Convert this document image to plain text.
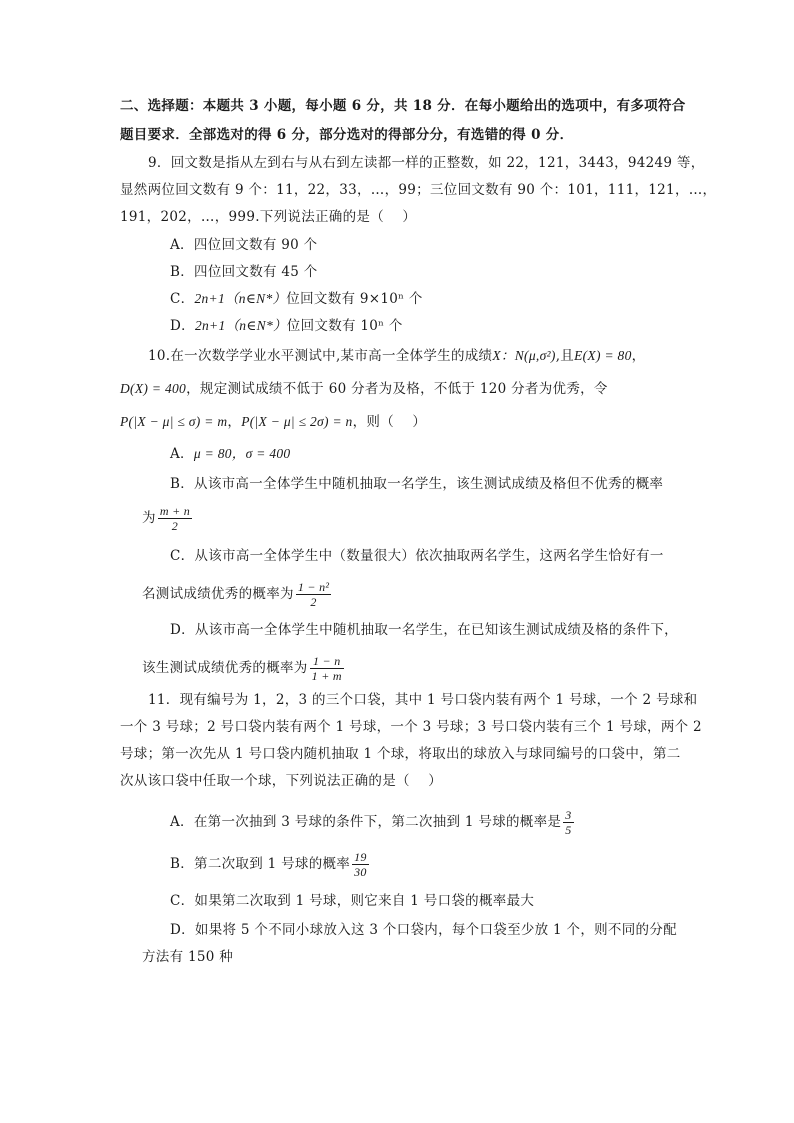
二、选择题：本题共 3 小题，每小题 6 分，共 18 分．在每小题给出的选项中，有多项符合
题目要求．全部选对的得 6 分，部分选对的得部分分，有选错的得 0 分．
9．回文数是指从左到右与从右到左读都一样的正整数，如 22，121，3443，94249 等，
显然两位回文数有 9 个：11，22，33，…，99；三位回文数有 90 个：101，111，121，…，
191，202，…，999.下列说法正确的是（　 ）
A．四位回文数有 90 个
B．四位回文数有 45 个
C．2n+1（n∈N*）位回文数有 9×10ⁿ 个
D．2n+1（n∈N*）位回文数有 10ⁿ 个
10.在一次数学学业水平测试中,某市高一全体学生的成绩X：N(μ,σ²),且E(X) = 80，
D(X) = 400，规定测试成绩不低于 60 分者为及格，不低于 120 分者为优秀，令
P(|X − μ| ≤ σ) = m，P(|X − μ| ≤ 2σ) = n，则（　 ）
A．μ = 80，σ = 400
B．从该市高一全体学生中随机抽取一名学生，该生测试成绩及格但不优秀的概率
为 $\frac{m + n}{2}$
C．从该市高一全体学生中（数量很大）依次抽取两名学生，这两名学生恰好有一
名测试成绩优秀的概率为 $\frac{\text{1 − n²}}{2}$
D．从该市高一全体学生中随机抽取一名学生，在已知该生测试成绩及格的条件下，
该生测试成绩优秀的概率为 $\frac{1 - n}{1 + m}$
11．现有编号为 1，2，3 的三个口袋，其中 1 号口袋内装有两个 1 号球，一个 2 号球和
一个 3 号球；2 号口袋内装有两个 1 号球，一个 3 号球；3 号口袋内装有三个 1 号球，两个 2
号球；第一次先从 1 号口袋内随机抽取 1 个球，将取出的球放入与球同编号的口袋中，第二
次从该口袋中任取一个球，下列说法正确的是（　 ）
A．在第一次抽到 3 号球的条件下，第二次抽到 1 号球的概率是 $\frac{3}{5}$
B．第二次取到 1 号球的概率 $\frac{19}{30}$
C．如果第二次取到 1 号球，则它来自 1 号口袋的概率最大
D．如果将 5 个不同小球放入这 3 个口袋内，每个口袋至少放 1 个，则不同的分配
方法有 150 种
